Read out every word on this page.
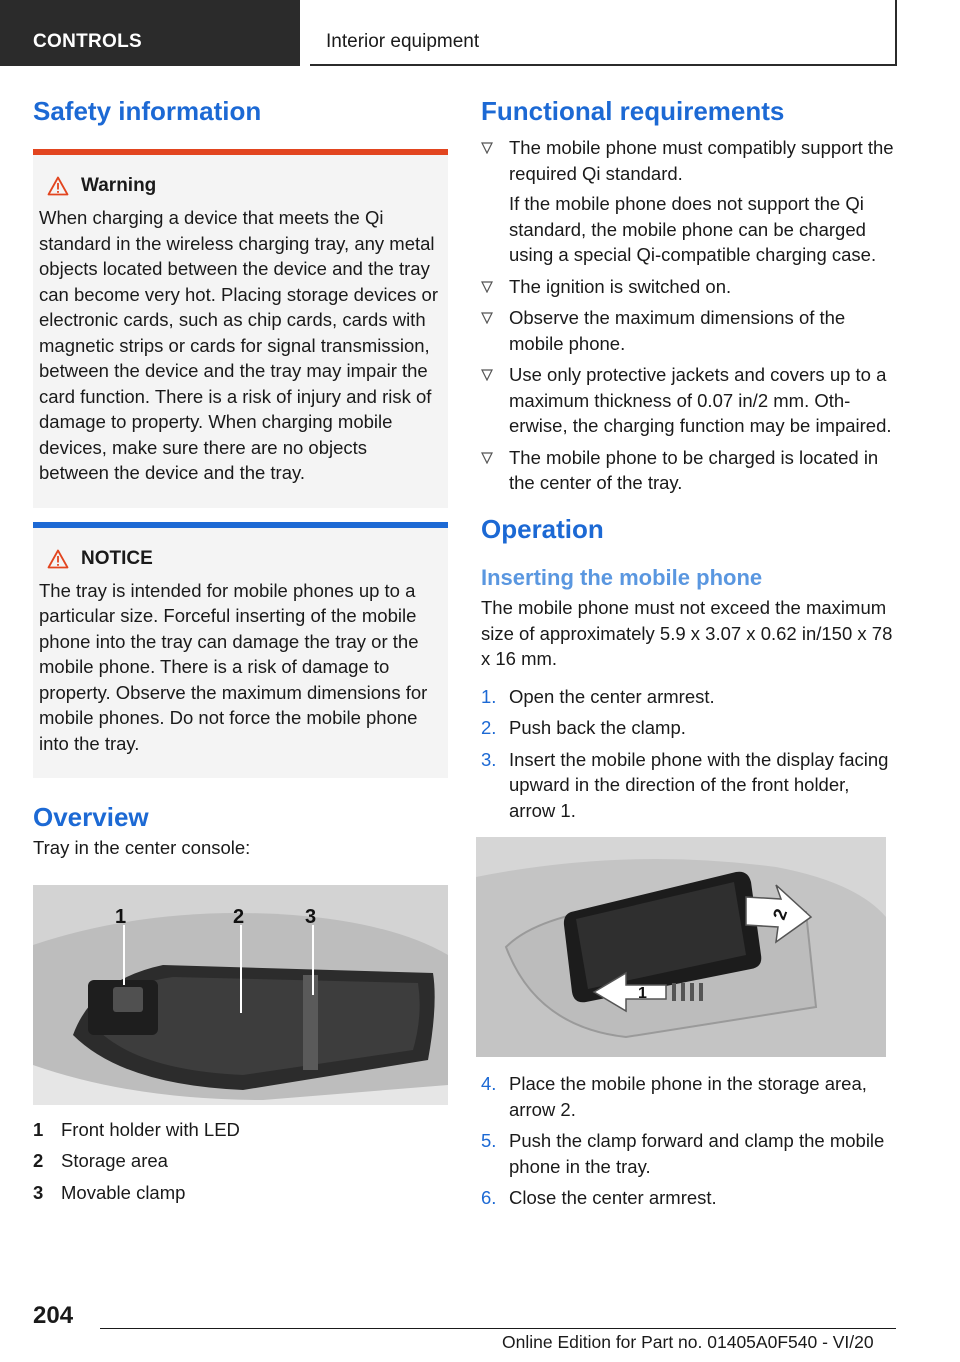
CONTROLS	Interior equipment
Safety information
Warning

When charging a device that meets the Qi standard in the wireless charging tray, any metal objects located between the device and the tray can become very hot. Placing storage devices or electronic cards, such as chip cards, cards with magnetic strips or cards for signal transmission, between the device and the tray may impair the card function. There is a risk of injury and risk of damage to property. When charging mobile devices, make sure there are no objects between the device and the tray.

NOTICE

The tray is intended for mobile phones up to a particular size. Forceful inserting of the mobile phone into the tray can damage the tray or the mobile phone. There is a risk of damage to property. Observe the maximum dimensions for mobile phones. Do not force the mobile phone into the tray.

Overview

Tray in the center console:

1	2	3
1 Front holder with LED
2 Storage area
3 Movable clamp
Functional requirements
The mobile phone must compatibly support the required Qi standard.
If the mobile phone does not support the Qi standard, the mobile phone can be charged using a special Qi-compatible charging case.
The ignition is switched on.
Observe the maximum dimensions of the mobile phone.
Use only protective jackets and covers up to a maximum thickness of 0.07 in/2 mm. Otherwise, the charging function may be impaired.
The mobile phone to be charged is located in the center of the tray.
Operation
Inserting the mobile phone

The mobile phone must not exceed the maximum size of approximately 5.9 x 3.07 x 0.62 in/150 x 78 x 16 mm.

1. Open the center armrest.
2. Push back the clamp.
3. Insert the mobile phone with the display facing upward in the direction of the front holder, arrow 1.
2
1
4. Place the mobile phone in the storage area, arrow 2.
5. Push the clamp forward and clamp the mobile phone in the tray.
6. Close the center armrest.
204
Online Edition for Part no. 01405A0F540 - VI/20
